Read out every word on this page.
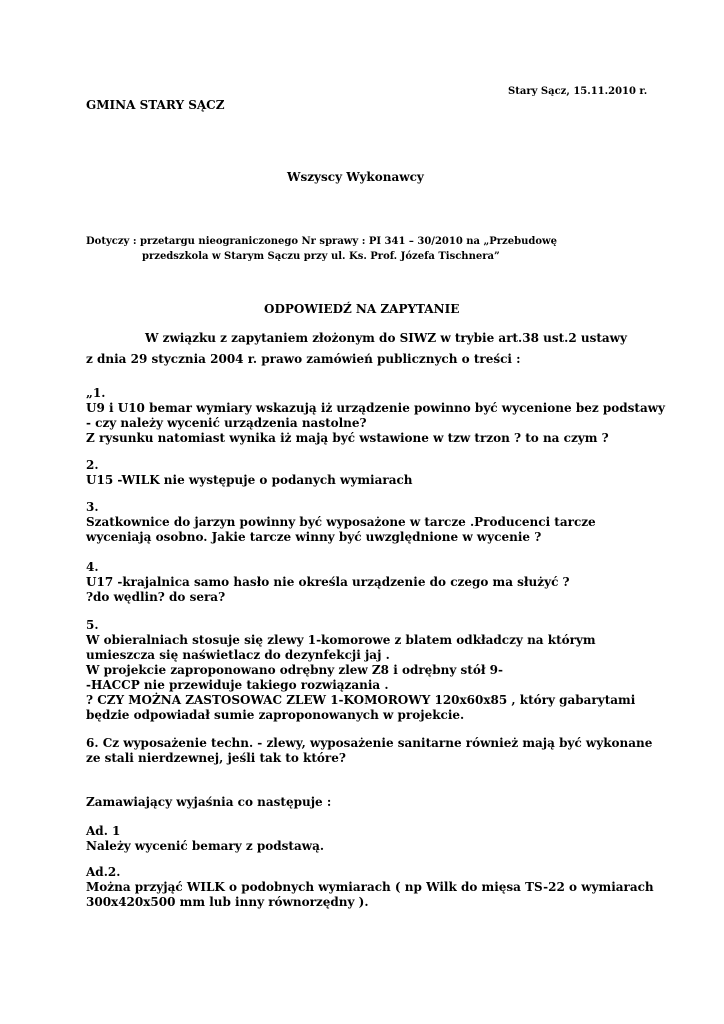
Stary Sącz, 15.11.2010 r.
GMINA STARY SĄCZ
Wszyscy Wykonawcy
Dotyczy : przetargu nieograniczonego Nr sprawy : PI 341 – 30/2010 na „Przebudowę
przedszkola w Starym Sączu przy ul. Ks. Prof. Józefa Tischnera”
ODPOWIEDŹ NA ZAPYTANIE
W związku z zapytaniem złożonym do SIWZ w trybie art.38 ust.2 ustawy
z dnia 29 stycznia 2004 r. prawo zamówień publicznych o treści :
„1.
U9 i U10 bemar wymiary wskazują iż urządzenie powinno być wycenione bez podstawy
- czy należy wycenić urządzenia nastolne?
Z rysunku natomiast wynika iż mają być wstawione w tzw trzon ? to na czym ?
2.
U15 -WILK nie występuje o podanych wymiarach
3.
Szatkownice do jarzyn powinny być wyposażone w tarcze .Producenci tarcze
wyceniają osobno. Jakie tarcze winny być uwzględnione w wycenie ?
4.
U17 -krajalnica samo hasło nie określa urządzenie do czego ma służyć ?
?do wędlin? do sera?
5.
W obieralniach stosuje się zlewy 1-komorowe z blatem odkładczy na którym
umieszcza się naświetlacz do dezynfekcji jaj .
W projekcie zaproponowano odrębny zlew Z8 i odrębny stół 9-
-HACCP nie przewiduje takiego rozwiązania .
? CZY MOŻNA ZASTOSOWAC ZLEW 1-KOMOROWY 120x60x85 , który gabarytami
będzie odpowiadał sumie zaproponowanych w projekcie.
6. Cz wyposażenie techn. - zlewy, wyposażenie sanitarne również mają być wykonane
ze stali nierdzewnej, jeśli tak to które?
Zamawiający wyjaśnia co następuje :
Ad. 1
Należy wycenić bemary z podstawą.
Ad.2.
Można przyjąć WILK o podobnych wymiarach ( np Wilk do mięsa TS-22 o wymiarach
300x420x500 mm lub inny równorzędny ).
